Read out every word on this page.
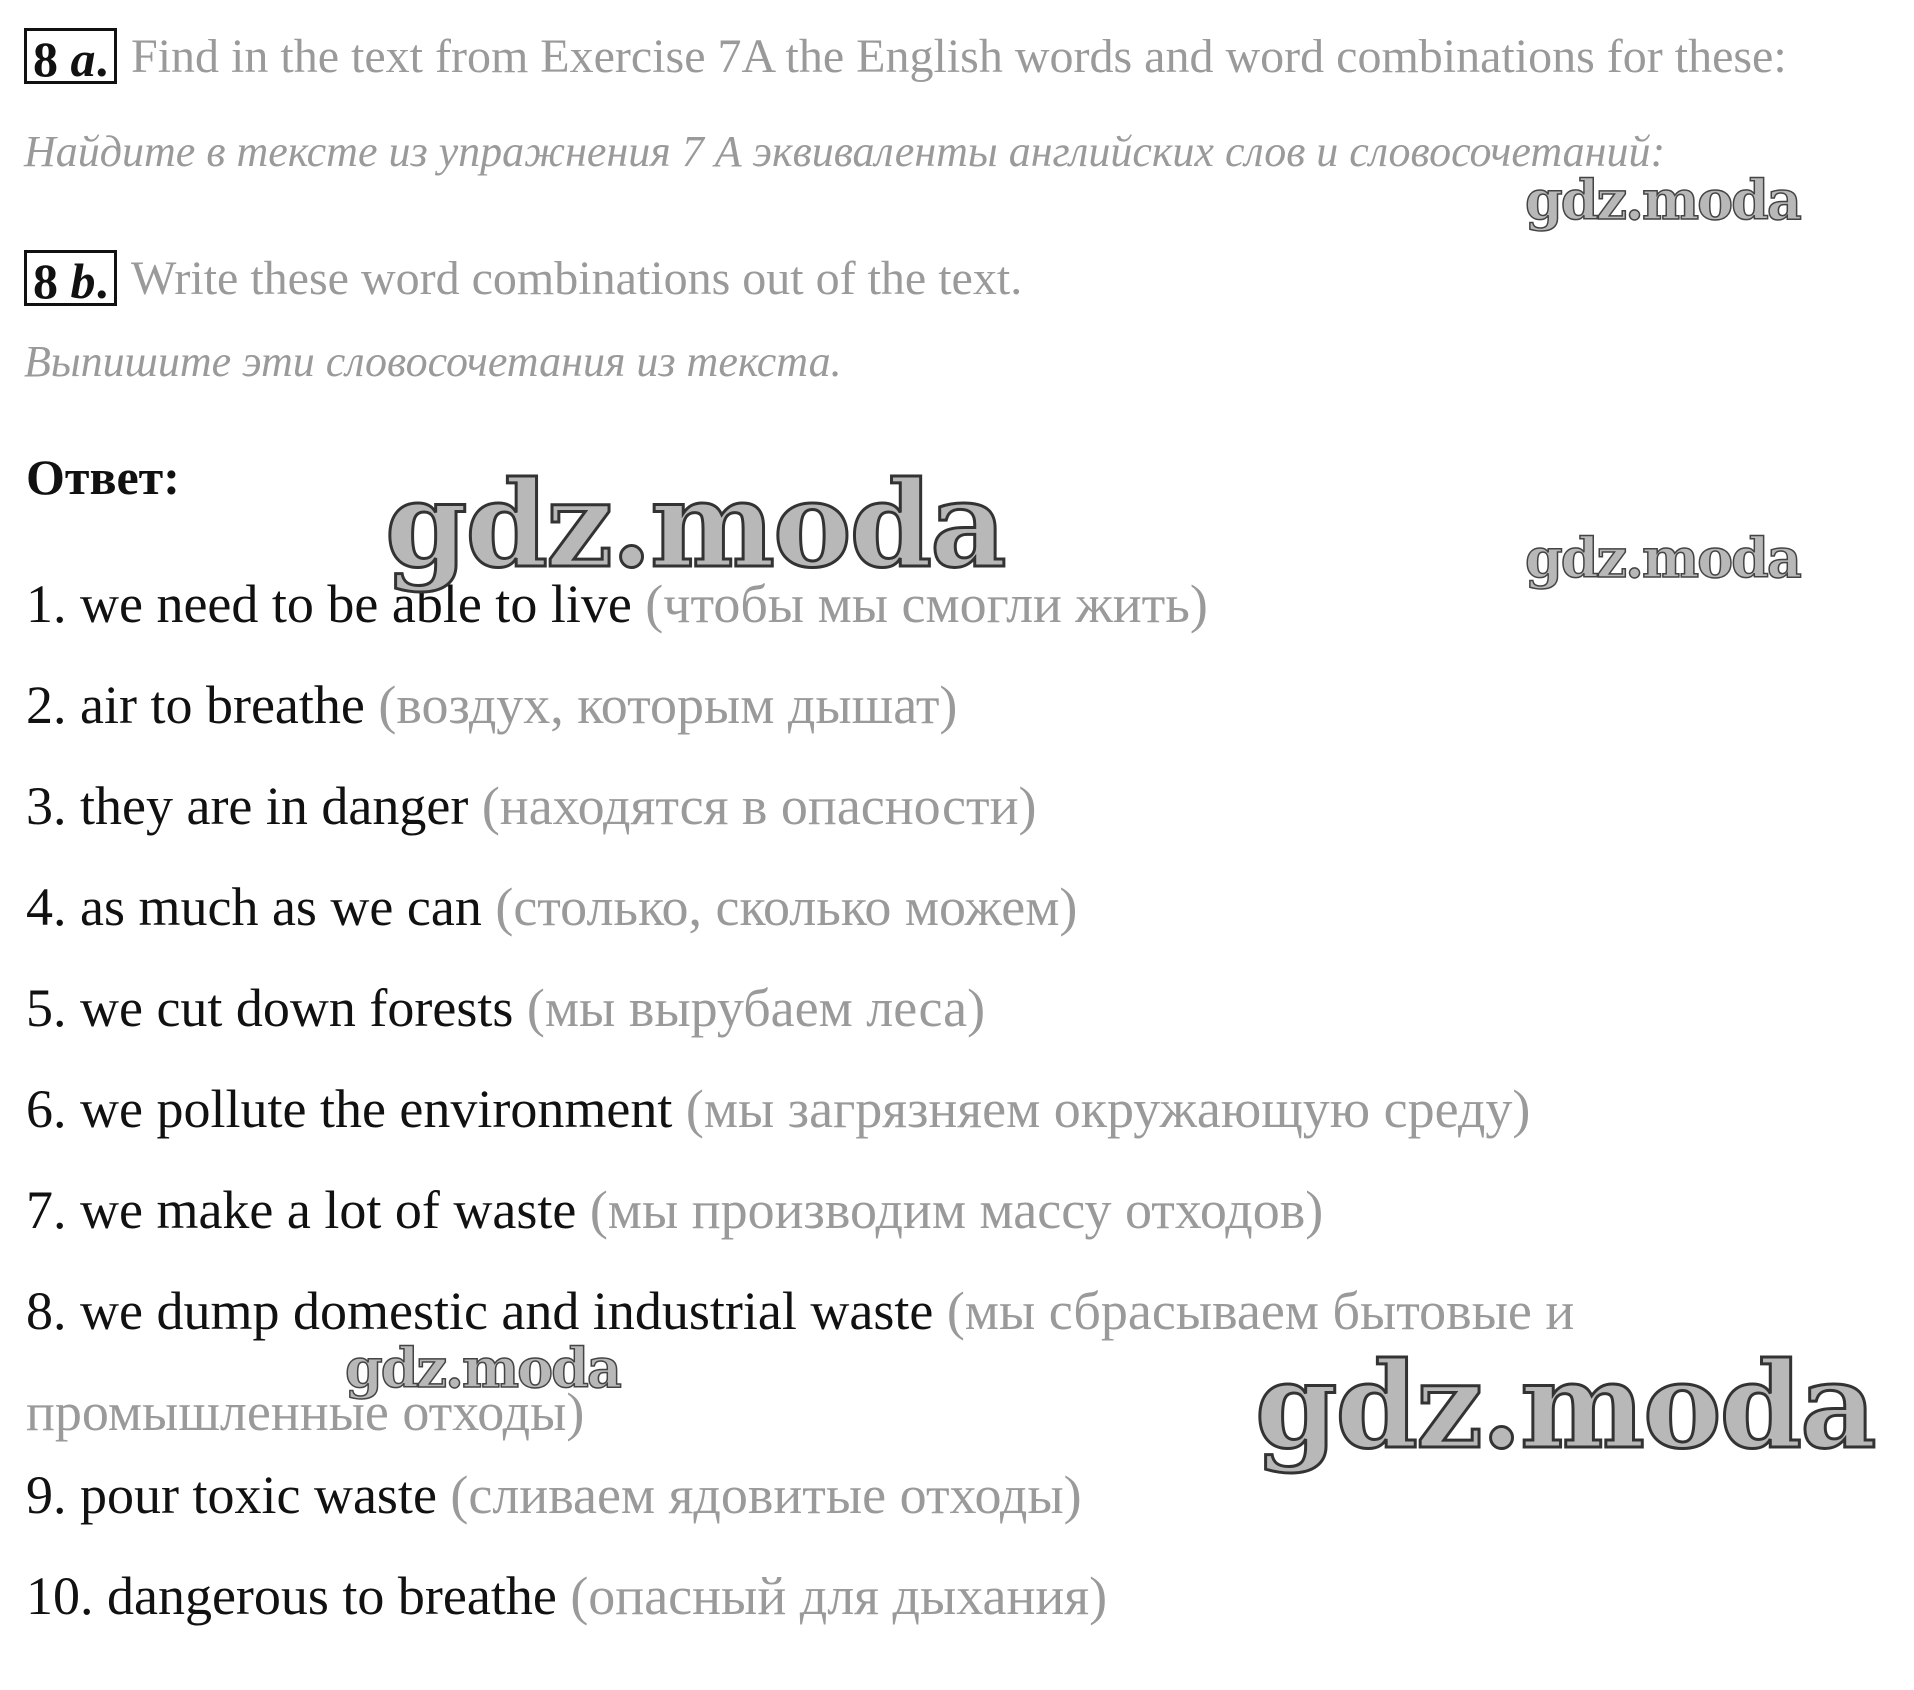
8 a. Find in the text from Exercise 7A the English words and word combinations for these:
Найдите в тексте из упражнения 7 А эквиваленты английских слов и словосочетаний:
8 b. Write these word combinations out of the text.
Выпишите эти словосочетания из текста.
Ответ:
1. we need to be able to live (чтобы мы смогли жить)
2. air to breathe (воздух, которым дышат)
3. they are in danger (находятся в опасности)
4. as much as we can (столько, сколько можем)
5. we cut down forests (мы вырубаем леса)
6. we pollute the environment (мы загрязняем окружающую среду)
7. we make a lot of waste (мы производим массу отходов)
8. we dump domestic and industrial waste (мы сбрасываем бытовые и промышленные отходы)
9. pour toxic waste (сливаем ядовитые отходы)
10. dangerous to breathe (опасный для дыхания)
gdz.moda
gdz.moda	gdz.moda
gdz.moda	gdz.moda
